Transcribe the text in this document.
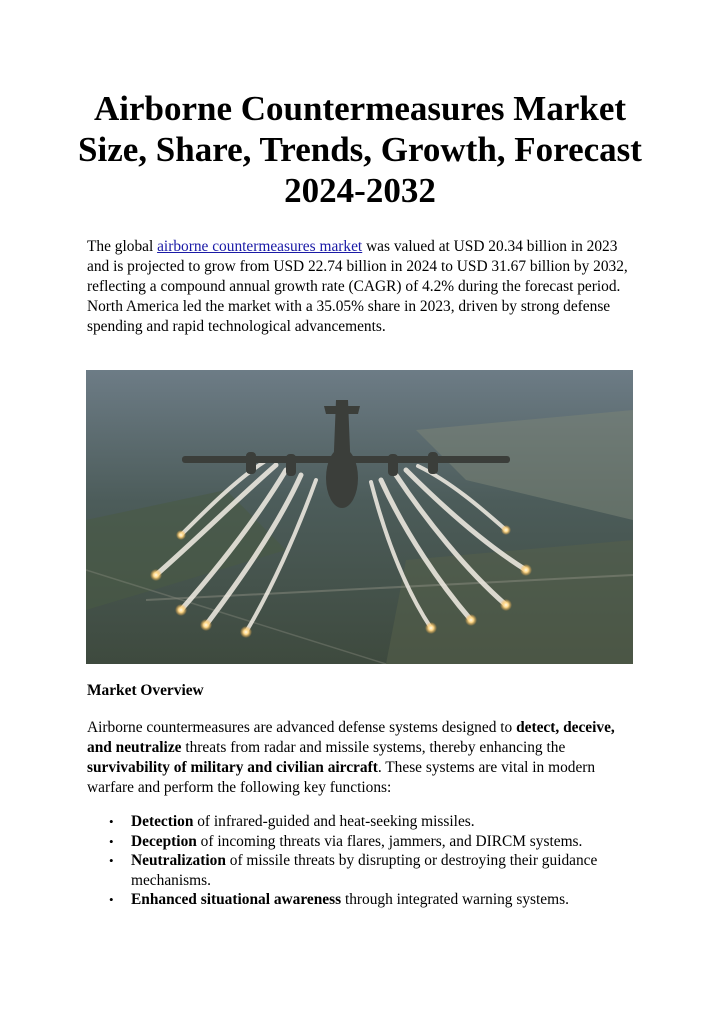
Airborne Countermeasures Market Size, Share, Trends, Growth, Forecast 2024-2032

The global airborne countermeasures market was valued at USD 20.34 billion in 2023 and is projected to grow from USD 22.74 billion in 2024 to USD 31.67 billion by 2032, reflecting a compound annual growth rate (CAGR) of 4.2% during the forecast period. North America led the market with a 35.05% share in 2023, driven by strong defense spending and rapid technological advancements.

Market Overview

Airborne countermeasures are advanced defense systems designed to detect, deceive, and neutralize threats from radar and missile systems, thereby enhancing the survivability of military and civilian aircraft. These systems are vital in modern warfare and perform the following key functions:

• Detection of infrared-guided and heat-seeking missiles.
• Deception of incoming threats via flares, jammers, and DIRCM systems.
• Neutralization of missile threats by disrupting or destroying their guidance mechanisms.
• Enhanced situational awareness through integrated warning systems.
